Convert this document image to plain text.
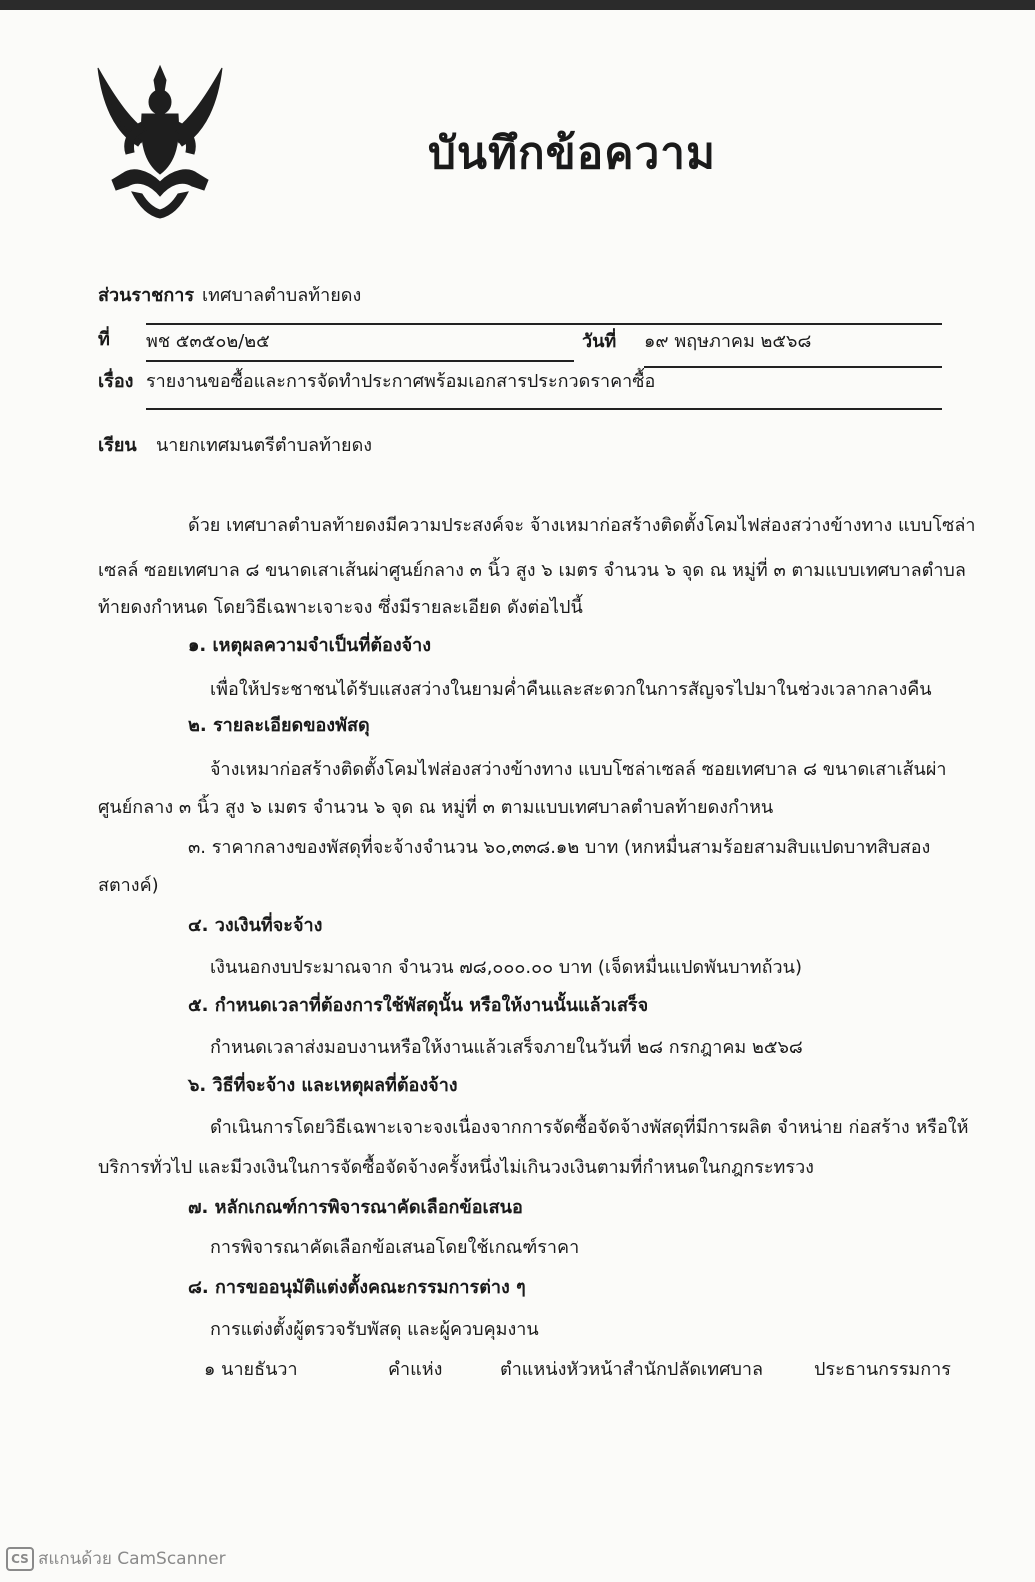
บันทึกข้อความ
ส่วนราชการ เทศบาลตำบลท้ายดง
ที่ พช ๕๓๕๐๒/๒๕	วันที่ ๑๙ พฤษภาคม ๒๕๖๘
เรื่อง รายงานขอซื้อและการจัดทำประกาศพร้อมเอกสารประกวดราคาซื้อ
เรียน นายกเทศมนตรีตำบลท้ายดง
ด้วย เทศบาลตำบลท้ายดงมีความประสงค์จะ จ้างเหมาก่อสร้างติดตั้งโคมไฟส่องสว่างข้างทาง แบบโซล่า
เซลล์ ซอยเทศบาล ๘ ขนาดเสาเส้นผ่าศูนย์กลาง ๓ นิ้ว สูง ๖ เมตร จำนวน ๖ จุด ณ หมู่ที่ ๓ ตามแบบเทศบาลตำบล
ท้ายดงกำหนด โดยวิธีเฉพาะเจาะจง ซึ่งมีรายละเอียด ดังต่อไปนี้
๑. เหตุผลความจำเป็นที่ต้องจ้าง
เพื่อให้ประชาชนได้รับแสงสว่างในยามค่ำคืนและสะดวกในการสัญจรไปมาในช่วงเวลากลางคืน
๒. รายละเอียดของพัสดุ
จ้างเหมาก่อสร้างติดตั้งโคมไฟส่องสว่างข้างทาง แบบโซล่าเซลล์ ซอยเทศบาล ๘ ขนาดเสาเส้นผ่า
ศูนย์กลาง ๓ นิ้ว สูง ๖ เมตร จำนวน ๖ จุด ณ หมู่ที่ ๓ ตามแบบเทศบาลตำบลท้ายดงกำหน
๓. ราคากลางของพัสดุที่จะจ้างจำนวน ๖๐,๓๓๘.๑๒ บาท (หกหมื่นสามร้อยสามสิบแปดบาทสิบสอง
สตางค์)
๔. วงเงินที่จะจ้าง
เงินนอกงบประมาณจาก จำนวน ๗๘,๐๐๐.๐๐ บาท (เจ็ดหมื่นแปดพันบาทถ้วน)
๕. กำหนดเวลาที่ต้องการใช้พัสดุนั้น หรือให้งานนั้นแล้วเสร็จ
กำหนดเวลาส่งมอบงานหรือให้งานแล้วเสร็จภายในวันที่ ๒๘ กรกฎาคม ๒๕๖๘
๖. วิธีที่จะจ้าง และเหตุผลที่ต้องจ้าง
ดำเนินการโดยวิธีเฉพาะเจาะจงเนื่องจากการจัดซื้อจัดจ้างพัสดุที่มีการผลิต จำหน่าย ก่อสร้าง หรือให้
บริการทั่วไป และมีวงเงินในการจัดซื้อจัดจ้างครั้งหนึ่งไม่เกินวงเงินตามที่กำหนดในกฎกระทรวง
๗. หลักเกณฑ์การพิจารณาคัดเลือกข้อเสนอ
การพิจารณาคัดเลือกข้อเสนอโดยใช้เกณฑ์ราคา
๘. การขออนุมัติแต่งตั้งคณะกรรมการต่าง ๆ
การแต่งตั้งผู้ตรวจรับพัสดุ และผู้ควบคุมงาน
๑ นายธันวา	คำแห่ง	ตำแหน่งหัวหน้าสำนักปลัดเทศบาล	ประธานกรรมการ
CS สแกนด้วย CamScanner
